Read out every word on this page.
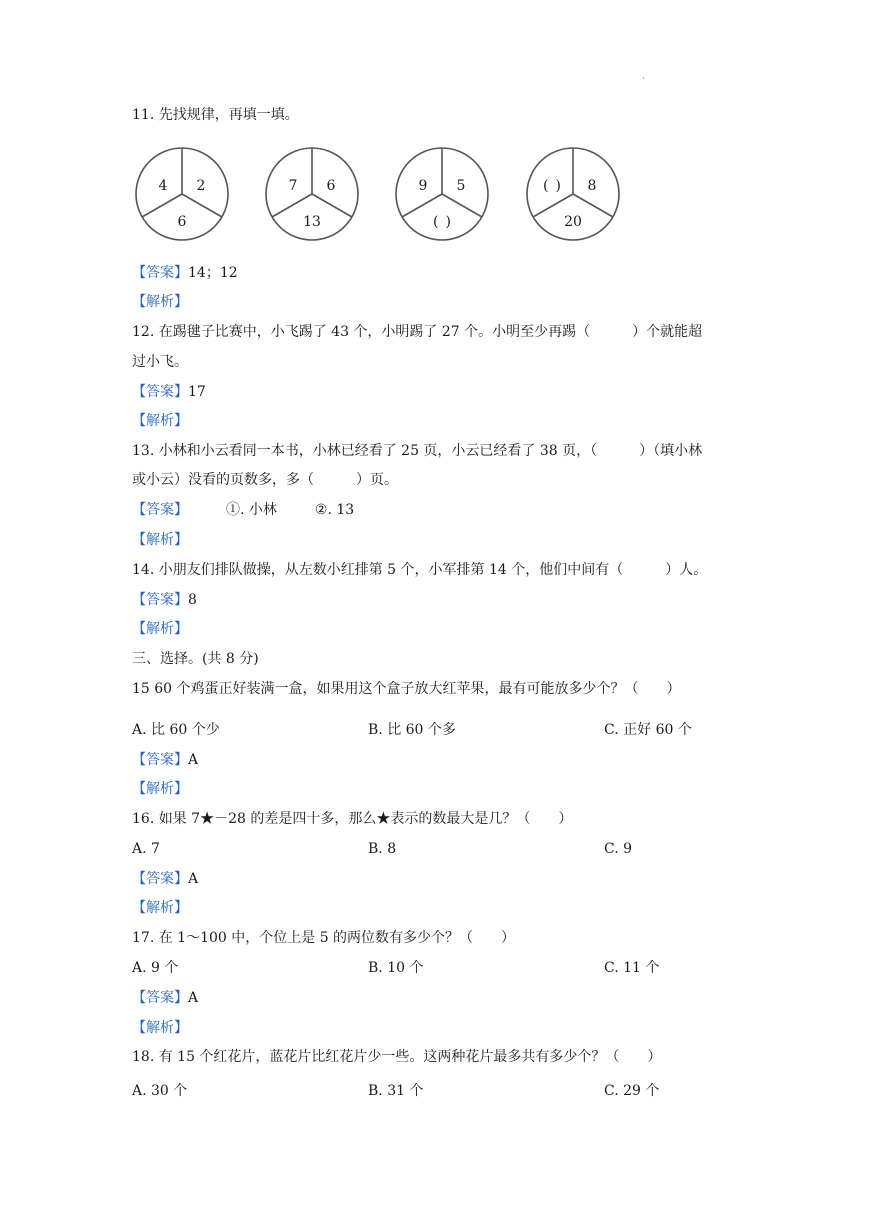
·
11. 先找规律，再填一填。
4 2
6
7 6
13
9 5
( )
( ) 8
20
【答案】14；12
【解析】
12. 在踢毽子比赛中，小飞踢了 43 个，小明踢了 27 个。小明至少再踢（　　　）个就能超
过小飞。
【答案】17
【解析】
13. 小林和小云看同一本书，小林已经看了 25 页，小云已经看了 38 页，（　　　）（填小林
或小云）没看的页数多，多（　　　）页。
【答案】	①. 小林	②. 13
【解析】
14. 小朋友们排队做操，从左数小红排第 5 个，小军排第 14 个，他们中间有（　　　）人。
【答案】8
【解析】
三、选择。(共 8 分)
15 60 个鸡蛋正好装满一盒，如果用这个盒子放大红苹果，最有可能放多少个？（　　）
A. 比 60 个少	B. 比 60 个多	C. 正好 60 个
【答案】A
【解析】
16. 如果 7★－28 的差是四十多，那么★表示的数最大是几？（　　）
A. 7	B. 8	C. 9
【答案】A
【解析】
17. 在 1～100 中，个位上是 5 的两位数有多少个？（　　）
A. 9 个	B. 10 个	C. 11 个
【答案】A
【解析】
18. 有 15 个红花片，蓝花片比红花片少一些。这两种花片最多共有多少个？（　　）
A. 30 个	B. 31 个	C. 29 个
